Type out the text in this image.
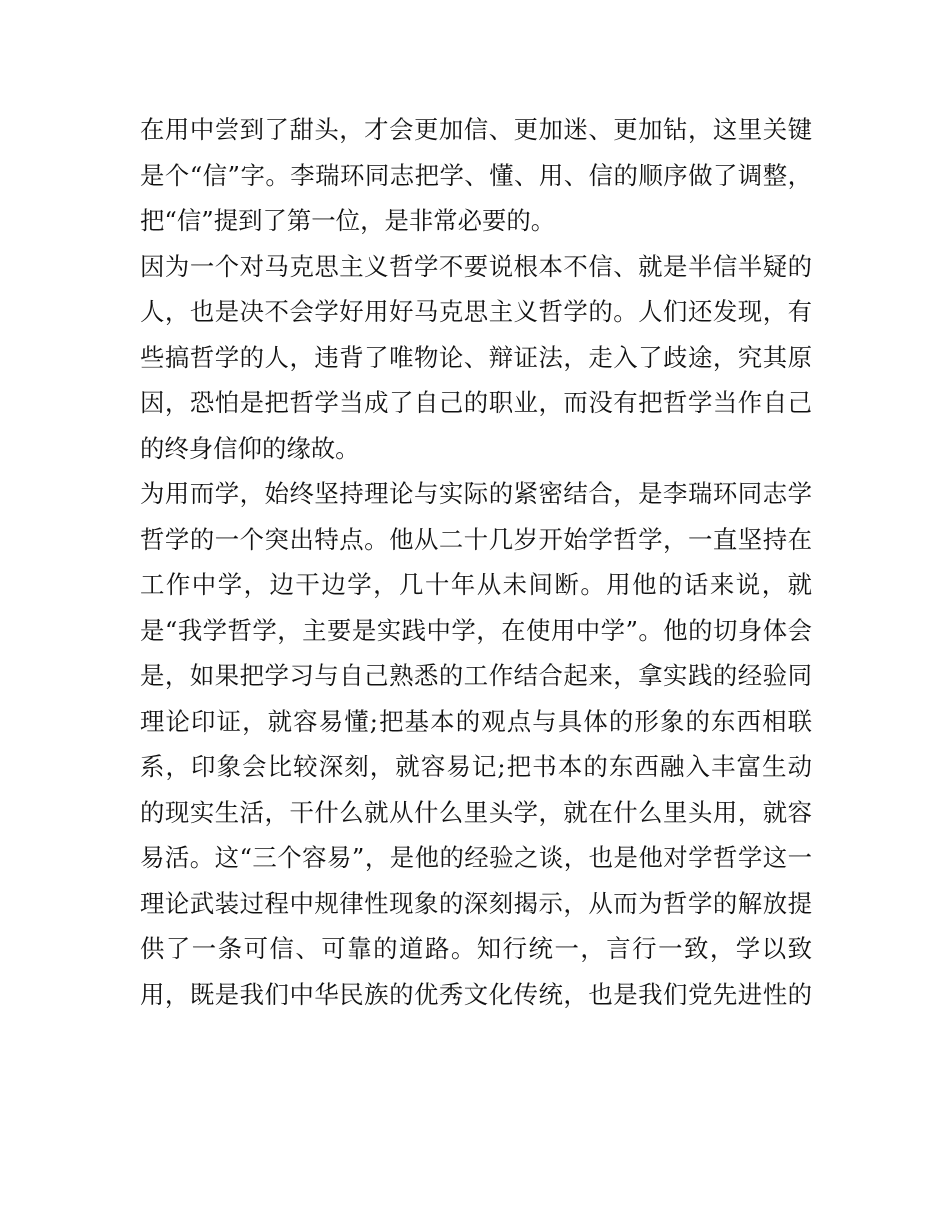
在用中尝到了甜头，才会更加信、更加迷、更加钻，这里关键
是个“信”字。李瑞环同志把学、懂、用、信的顺序做了调整，
把“信”提到了第一位，是非常必要的。
因为一个对马克思主义哲学不要说根本不信、就是半信半疑的
人，也是决不会学好用好马克思主义哲学的。人们还发现，有
些搞哲学的人，违背了唯物论、辩证法，走入了歧途，究其原
因，恐怕是把哲学当成了自己的职业，而没有把哲学当作自己
的终身信仰的缘故。
为用而学，始终坚持理论与实际的紧密结合，是李瑞环同志学
哲学的一个突出特点。他从二十几岁开始学哲学，一直坚持在
工作中学，边干边学，几十年从未间断。用他的话来说，就
是“我学哲学，主要是实践中学，在使用中学”。他的切身体会
是，如果把学习与自己熟悉的工作结合起来，拿实践的经验同
理论印证，就容易懂;把基本的观点与具体的形象的东西相联
系，印象会比较深刻，就容易记;把书本的东西融入丰富生动
的现实生活，干什么就从什么里头学，就在什么里头用，就容
易活。这“三个容易”，是他的经验之谈，也是他对学哲学这一
理论武装过程中规律性现象的深刻揭示，从而为哲学的解放提
供了一条可信、可靠的道路。知行统一，言行一致，学以致
用，既是我们中华民族的优秀文化传统，也是我们党先进性的
